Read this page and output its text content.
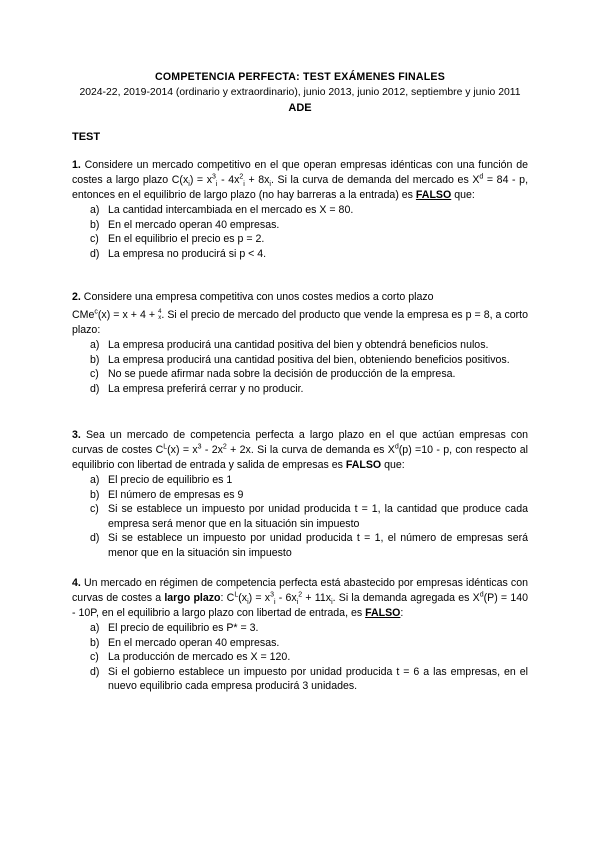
COMPETENCIA PERFECTA: TEST EXÁMENES FINALES
2024-22, 2019-2014 (ordinario y extraordinario), junio 2013, junio 2012, septiembre y junio 2011
ADE
TEST

1. Considere un mercado competitivo en el que operan empresas idénticas con una función de costes a largo plazo $C(x_i) = x^3_i - 4x^2_i + 8x_i$. Si la curva de demanda del mercado es $X^d = 84 - p$, entonces en el equilibrio de largo plazo (no hay barreras a la entrada) es FALSO que:

a) La cantidad intercambiada en el mercado es X = 80.
b) En el mercado operan 40 empresas.
c) En el equilibrio el precio es p = 2.
d) La empresa no producirá si p < 4.

2. Considere una empresa competitiva con unos costes medios a corto plazo

CMe$^c$(x) = x + 4 + 4
x . Si el precio de mercado del producto que vende la empresa es p = 8, a corto plazo:

a) La empresa producirá una cantidad positiva del bien y obtendrá beneficios nulos.
b) La empresa producirá una cantidad positiva del bien, obteniendo beneficios positivos.
c) No se puede afirmar nada sobre la decisión de producción de la empresa.
d) La empresa preferirá cerrar y no producir.

3. Sea un mercado de competencia perfecta a largo plazo en el que actúan empresas con curvas de costes $C^L(x) = x^3 - 2x^2 + 2x$. Si la curva de demanda es $X^d(p) =10 - p$, con respecto al equilibrio con libertad de entrada y salida de empresas es FALSO que:

a) El precio de equilibrio es 1
b) El número de empresas es 9
c) Si se establece un impuesto por unidad producida t = 1, la cantidad que produce cada empresa será menor que en la situación sin impuesto
d) Si se establece un impuesto por unidad producida t = 1, el número de empresas será menor que en la situación sin impuesto

4. Un mercado en régimen de competencia perfecta está abastecido por empresas idénticas con curvas de costes a largo plazo: $C^L(x_i) = x^3_i - 6x_i^2 + 11x_i$. Si la demanda agregada es $X^d(P) = 140 - 10P$, en el equilibrio a largo plazo con libertad de entrada, es FALSO:

a) El precio de equilibrio es P* = 3.
b) En el mercado operan 40 empresas.
c) La producción de mercado es X = 120.
d) Si el gobierno establece un impuesto por unidad producida t = 6 a las empresas, en el nuevo equilibrio cada empresa producirá 3 unidades.
